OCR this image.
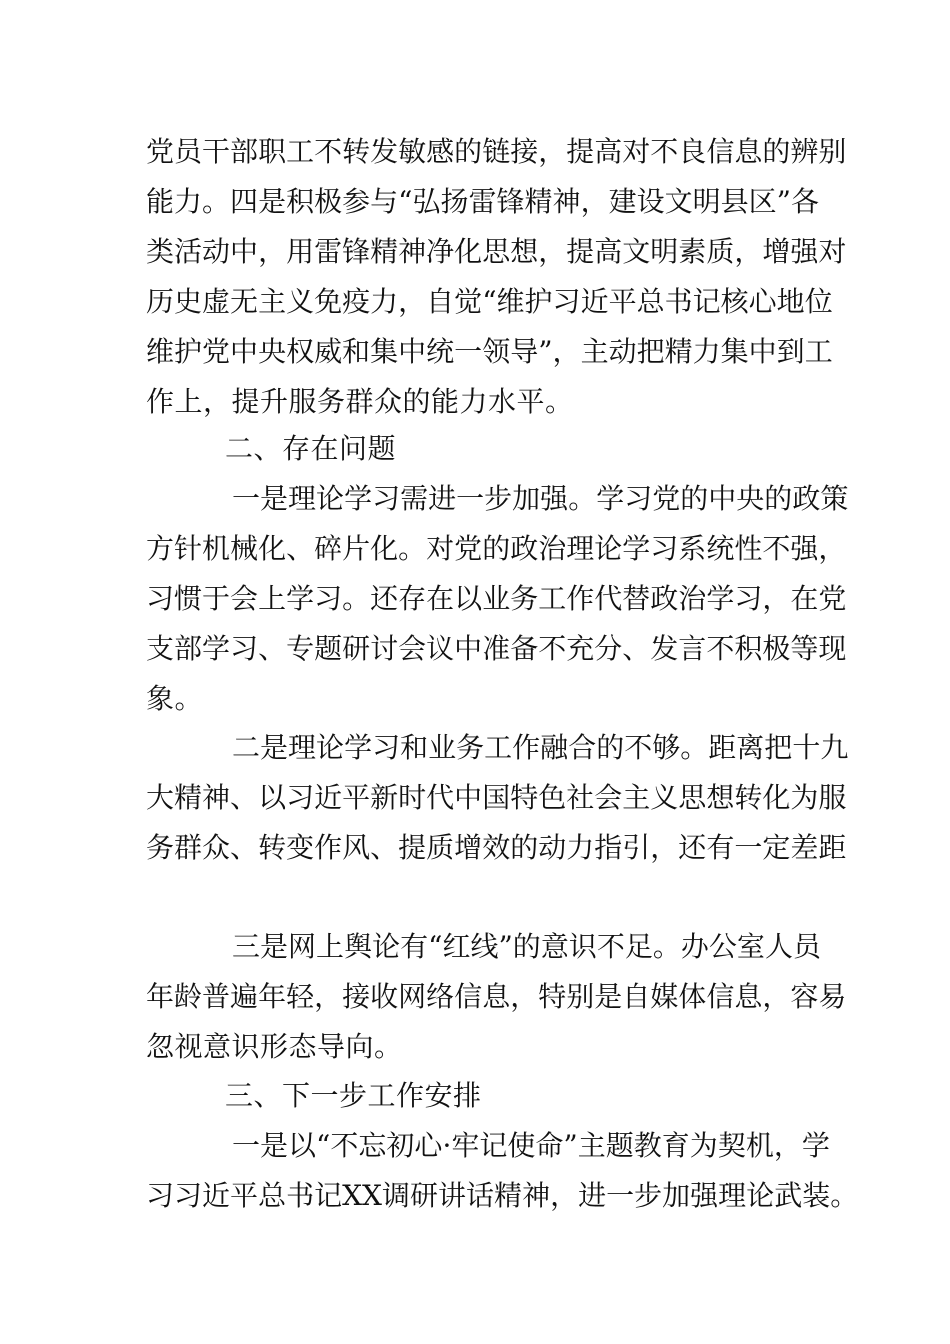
党 员 干 部 职 工 不 转 发 敏 感 的 链 接 ， 提 高 对 不 良 信 息 的 辨 别
能 力 。 四 是 积 极 参 与 “ 弘 扬 雷 锋 精 神 ， 建 设 文 明 县 区 ” 各
类 活 动 中 ， 用 雷 锋 精 神 净 化 思 想 ， 提 高 文 明 素 质 ， 增 强 对
历 史 虚 无 主 义 免 疫 力 ， 自 觉 “ 维 护 习 近 平 总 书 记 核 心 地 位
维 护 党 中 央 权 威 和 集 中 统 一 领 导 ” ， 主 动 把 精 力 集 中 到 工
作上，提升服务群众的能力水平。
二、存在问题
一 是 理 论 学 习 需 进 一 步 加 强 。 学 习 党 的 中 央 的 政 策
方 针 机 械 化 、 碎 片 化 。 对 党 的 政 治 理 论 学 习 系 统 性 不 强 ，
习 惯 于 会 上 学 习 。 还 存 在 以 业 务 工 作 代 替 政 治 学 习 ， 在 党
支 部 学 习 、 专 题 研 讨 会 议 中 准 备 不 充 分 、 发 言 不 积 极 等 现
象。
二 是 理 论 学 习 和 业 务 工 作 融 合 的 不 够 。 距 离 把 十 九
大 精 神 、 以 习 近 平 新 时 代 中 国 特 色 社 会 主 义 思 想 转 化 为 服
务 群 众 、 转 变 作 风 、 提 质 增 效 的 动 力 指 引 ， 还 有 一 定 差 距
三 是 网 上 舆 论 有 “ 红 线 ” 的 意 识 不 足 。 办 公 室 人 员
年 龄 普 遍 年 轻 ， 接 收 网 络 信 息 ， 特 别 是 自 媒 体 信 息 ， 容 易
忽视意识形态导向。
三、下一步工作安排
一 是 以 “ 不 忘 初 心 · 牢 记 使 命 ” 主 题 教 育 为 契 机 ， 学
习 习 近 平 总 书 记 XX 调 研 讲 话 精 神 ， 进 一 步 加 强 理 论 武 装 。
